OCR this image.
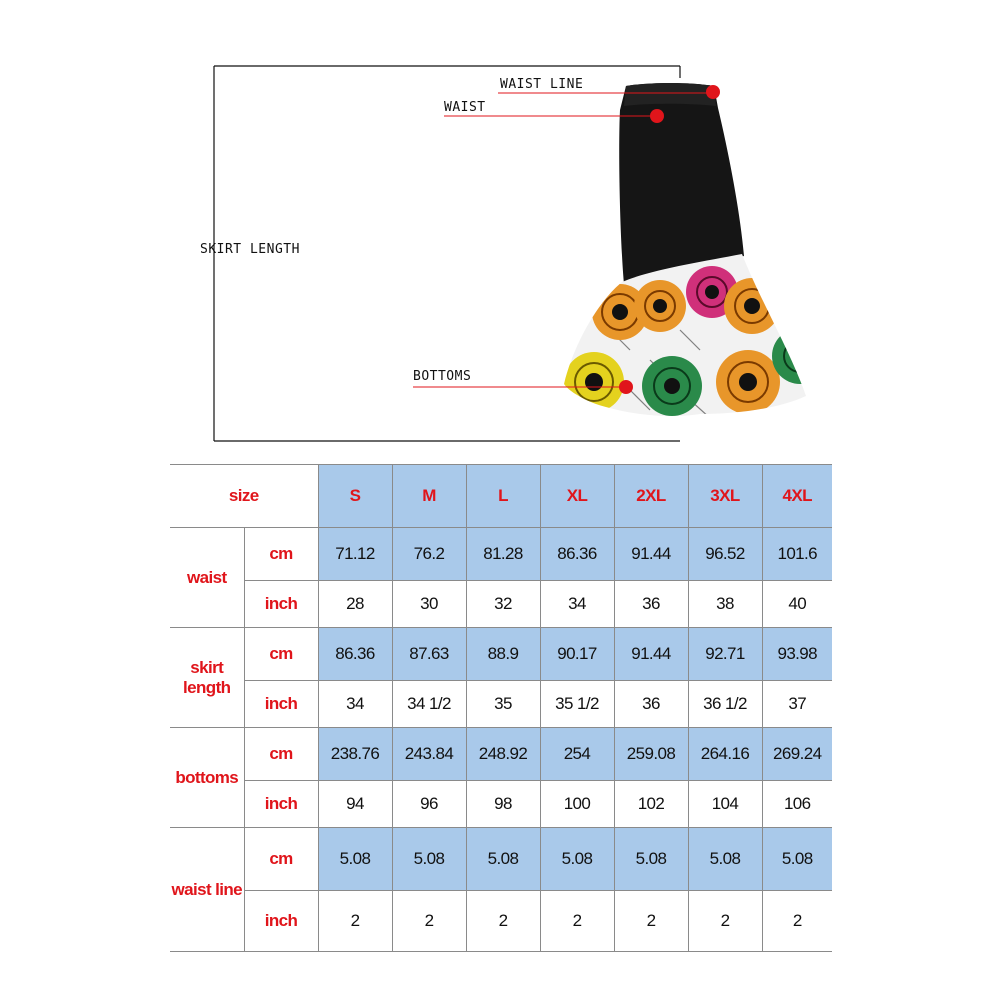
WAIST LINE
WAIST
SKIRT LENGTH
BOTTOMS
size		S	M	L	XL	2XL	3XL	4XL
waist	cm	71.12	76.2	81.28	86.36	91.44	96.52	101.6
	inch	28	30	32	34	36	38	40

skirt
length	cm	86.36	87.63	88.9	90.17	91.44	92.71	93.98
	inch	34	34 1/2	35	35 1/2	36	36 1/2	37
bottoms	cm	238.76	243.84	248.92	254	259.08	264.16	269.24
	inch	94	96	98	100	102	104	106
waist line	cm	5.08	5.08	5.08	5.08	5.08	5.08	5.08
	inch	2	2	2	2	2	2	2
